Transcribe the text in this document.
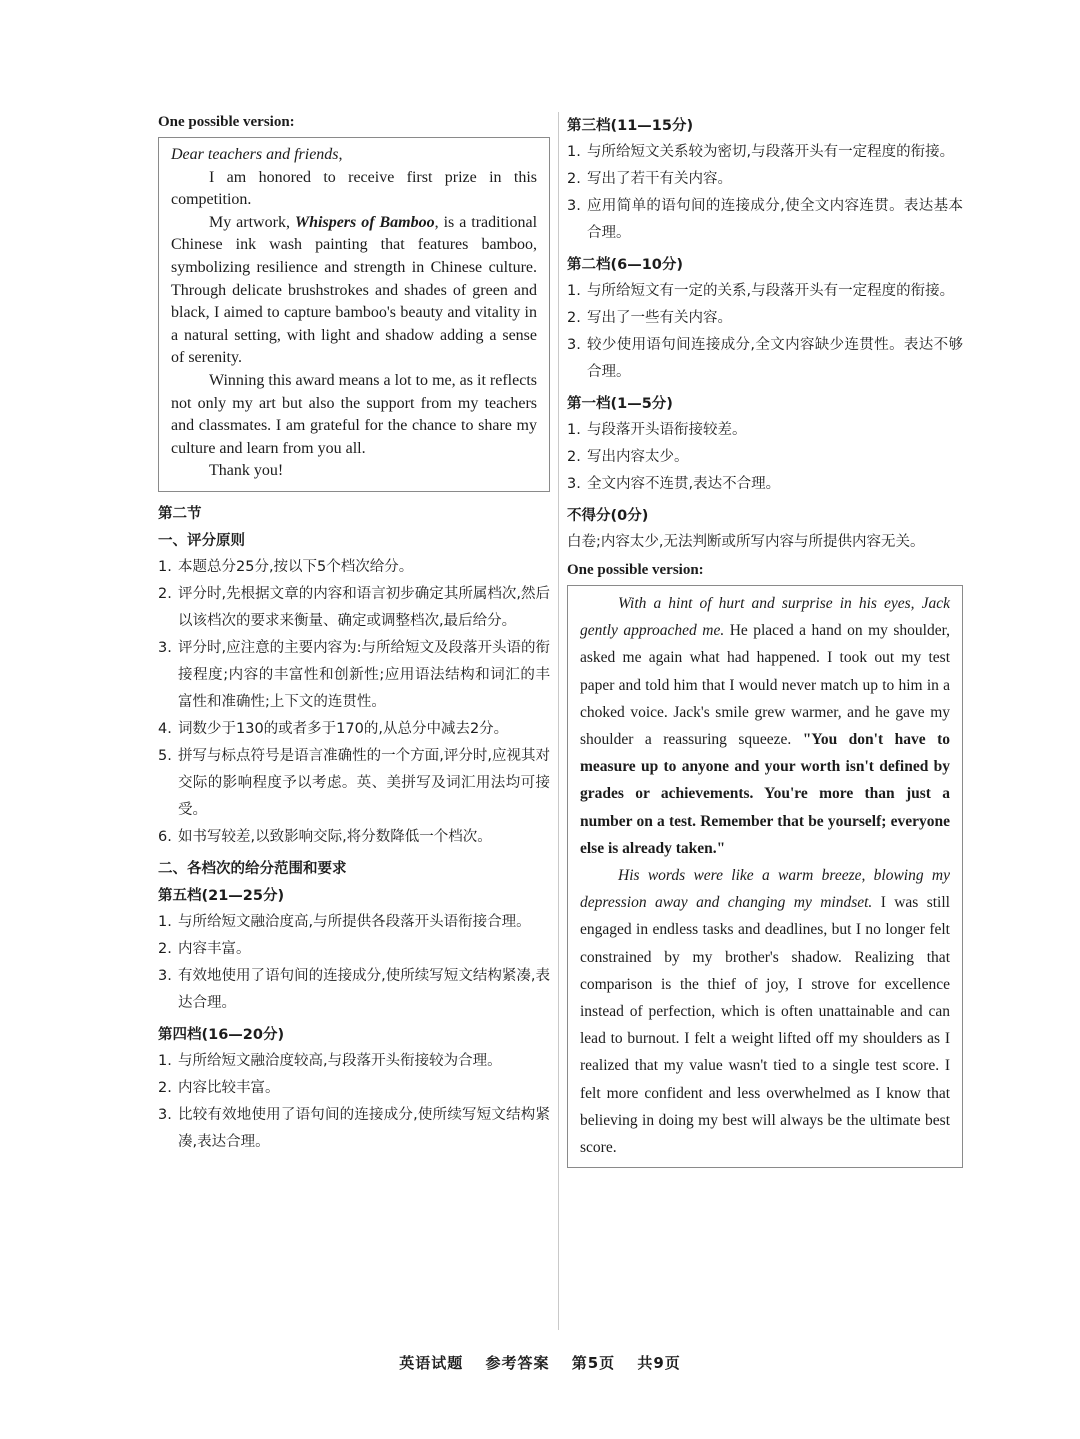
One possible version:

Dear teachers and friends,

I am honored to receive first prize in this competition.

My artwork, Whispers of Bamboo, is a traditional Chinese ink wash painting that features bamboo, symbolizing resilience and strength in Chinese culture. Through delicate brushstrokes and shades of green and black, I aimed to capture bamboo's beauty and vitality in a natural setting, with light and shadow adding a sense of serenity.

Winning this award means a lot to me, as it reflects not only my art but also the support from my teachers and classmates. I am grateful for the chance to share my culture and learn from you all.

Thank you!

第二节
一、评分原则
1. 本题总分25分,按以下5个档次给分。
2. 评分时,先根据文章的内容和语言初步确定其所属档次,然后以该档次的要求来衡量、确定或调整档次,最后给分。
3. 评分时,应注意的主要内容为:与所给短文及段落开头语的衔接程度;内容的丰富性和创新性;应用语法结构和词汇的丰富性和准确性;上下文的连贯性。
4. 词数少于130的或者多于170的,从总分中减去2分。
5. 拼写与标点符号是语言准确性的一个方面,评分时,应视其对交际的影响程度予以考虑。英、美拼写及词汇用法均可接受。
6. 如书写较差,以致影响交际,将分数降低一个档次。
二、各档次的给分范围和要求
第五档(21—25分)
1. 与所给短文融洽度高,与所提供各段落开头语衔接合理。
2. 内容丰富。
3. 有效地使用了语句间的连接成分,使所续写短文结构紧凑,表达合理。
第四档(16—20分)
1. 与所给短文融洽度较高,与段落开头衔接较为合理。
2. 内容比较丰富。
3. 比较有效地使用了语句间的连接成分,使所续写短文结构紧凑,表达合理。
第三档(11—15分)
1. 与所给短文关系较为密切,与段落开头有一定程度的衔接。
2. 写出了若干有关内容。
3. 应用简单的语句间的连接成分,使全文内容连贯。表达基本合理。
第二档(6—10分)
1. 与所给短文有一定的关系,与段落开头有一定程度的衔接。
2. 写出了一些有关内容。
3. 较少使用语句间连接成分,全文内容缺少连贯性。表达不够合理。
第一档(1—5分)
1. 与段落开头语衔接较差。
2. 写出内容太少。
3. 全文内容不连贯,表达不合理。
不得分(0分)

白卷;内容太少,无法判断或所写内容与所提供内容无关。

One possible version:

With a hint of hurt and surprise in his eyes, Jack gently approached me. He placed a hand on my shoulder, asked me again what had happened. I took out my test paper and told him that I would never match up to him in a choked voice. Jack's smile grew warmer, and he gave my shoulder a reassuring squeeze. "You don't have to measure up to anyone and your worth isn't defined by grades or achievements. You're more than just a number on a test. Remember that be yourself; everyone else is already taken."

His words were like a warm breeze, blowing my depression away and changing my mindset. I was still engaged in endless tasks and deadlines, but I no longer felt constrained by my brother's shadow. Realizing that comparison is the thief of joy, I strove for excellence instead of perfection, which is often unattainable and can lead to burnout. I felt a weight lifted off my shoulders as I realized that my value wasn't tied to a single test score. I felt more confident and less overwhelmed as I know that believing in doing my best will always be the ultimate best score.

英语试题 参考答案 第5页 共9页
